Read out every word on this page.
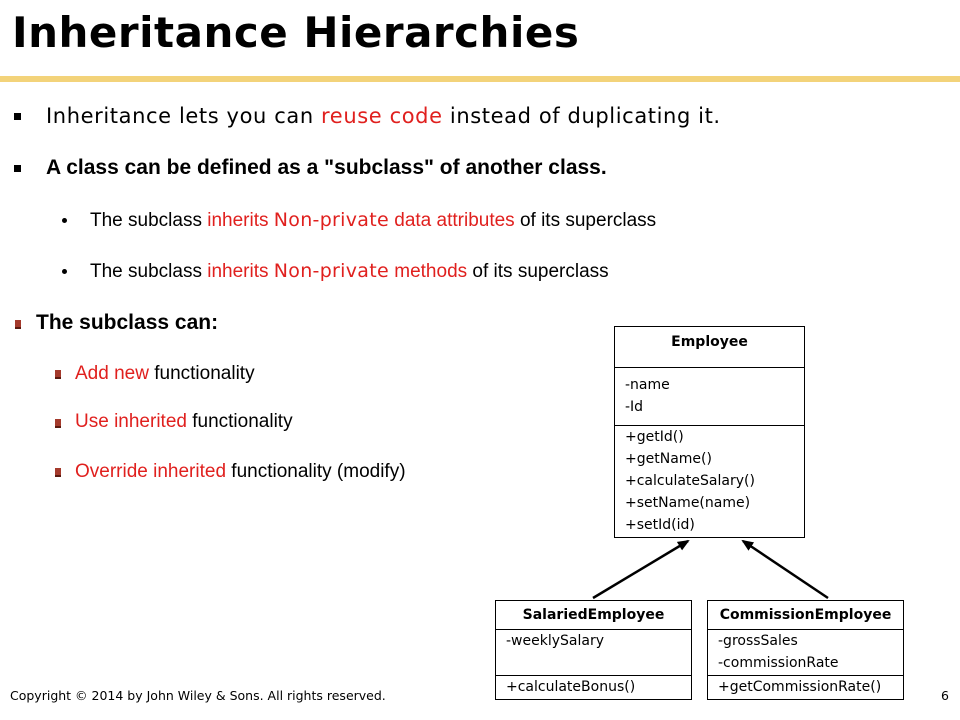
Inheritance Hierarchies
Inheritance lets you can reuse code instead of duplicating it.
A class can be defined as a "subclass" of another class.
The subclass inherits Non-private data attributes of its superclass
The subclass inherits Non-private methods of its superclass
The subclass can:
Add new functionality
Use inherited functionality
Override inherited functionality (modify)
Employee
-name
-Id
+getId()
+getName()
+calculateSalary()
+setName(name)
+setId(id)
SalariedEmployee
-weeklySalary
+calculateBonus()
CommissionEmployee
-grossSales
-commissionRate
+getCommissionRate()
Copyright © 2014 by John Wiley & Sons. All rights reserved.	6
